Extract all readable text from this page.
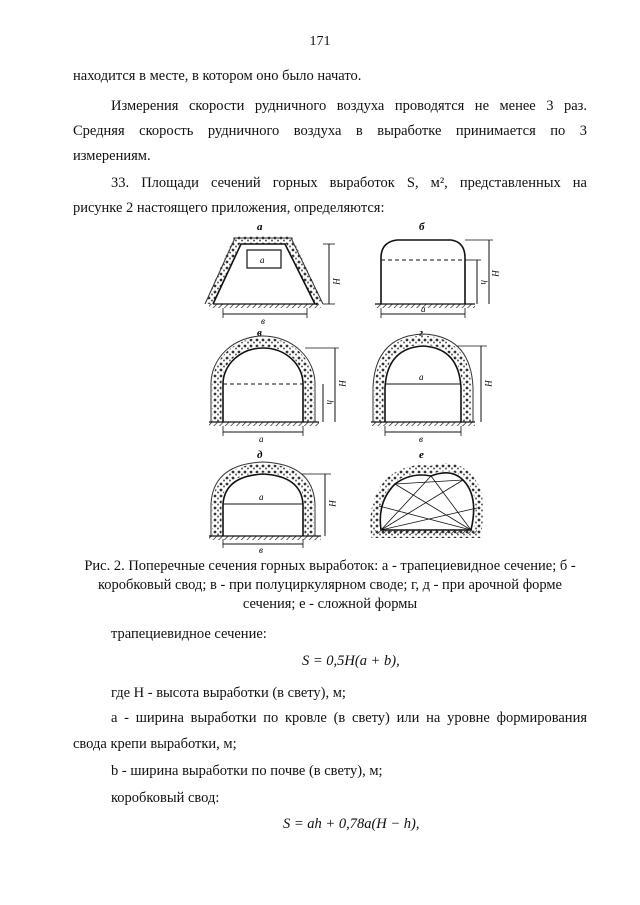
171
находится в месте, в котором оно было начато.
Измерения скорости рудничного воздуха проводятся не менее 3 раз.
Средняя скорость рудничного воздуха в выработке принимается по 3
измерениям.
33. Площади сечений горных выработок S, м², представленных на
рисунке 2 настоящего приложения, определяются:
а
а
в
H
б
а
h
H
в
а
h
H
г
а
в
H
д
а
в
H
е
Рис. 2. Поперечные сечения горных выработок: а - трапециевидное сечение; б -
коробковый свод; в - при полуциркулярном своде; г, д - при арочной форме
сечения; е - сложной формы
трапециевидное сечение:
S = 0,5H(a + b),
где H - высота выработки (в свету), м;
а - ширина выработки по кровле (в свету) или на уровне формирования
свода крепи выработки, м;
b - ширина выработки по почве (в свету), м;
коробковый свод:
S = ah + 0,78a(H − h),
